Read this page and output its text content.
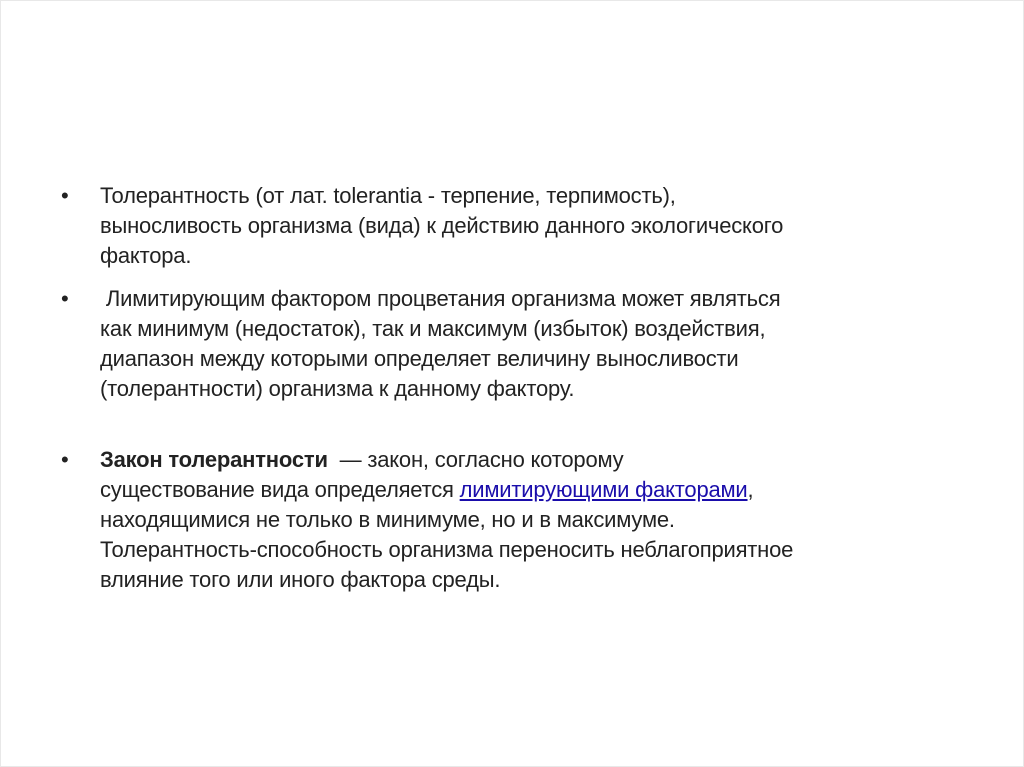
• Толерантность (от лат. tolerantia - терпение, терпимость),
выносливость организма (вида) к действию данного экологического
фактора.
• Лимитирующим фактором процветания организма может являться
как минимум (недостаток), так и максимум (избыток) воздействия,
диапазон между которыми определяет величину выносливости
(толерантности) организма к данному фактору.
• Закон толерантности  — закон, согласно которому
существование вида определяется лимитирующими факторами,
находящимися не только в минимуме, но и в максимуме.
Толерантность-способность организма переносить неблагоприятное
влияние того или иного фактора среды.
